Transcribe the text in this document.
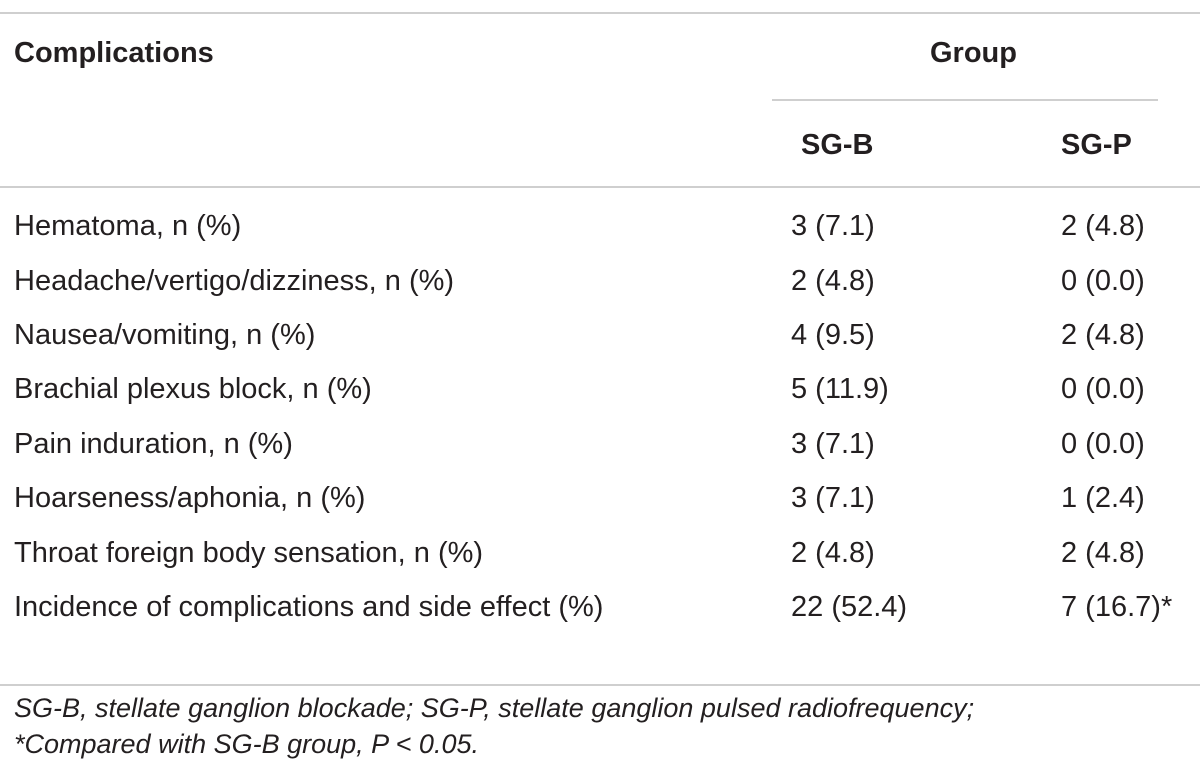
Complications	Group
SG-B	SG-P
Hematoma, n (%)	3 (7.1)	2 (4.8)
Headache/vertigo/dizziness, n (%)	2 (4.8)	0 (0.0)
Nausea/vomiting, n (%)	4 (9.5)	2 (4.8)
Brachial plexus block, n (%)	5 (11.9)	0 (0.0)
Pain induration, n (%)	3 (7.1)	0 (0.0)
Hoarseness/aphonia, n (%)	3 (7.1)	1 (2.4)
Throat foreign body sensation, n (%)	2 (4.8)	2 (4.8)
Incidence of complications and side effect (%)	22 (52.4)	7 (16.7)*
SG-B, stellate ganglion blockade; SG-P, stellate ganglion pulsed radiofrequency;
*Compared with SG-B group, P < 0.05.
